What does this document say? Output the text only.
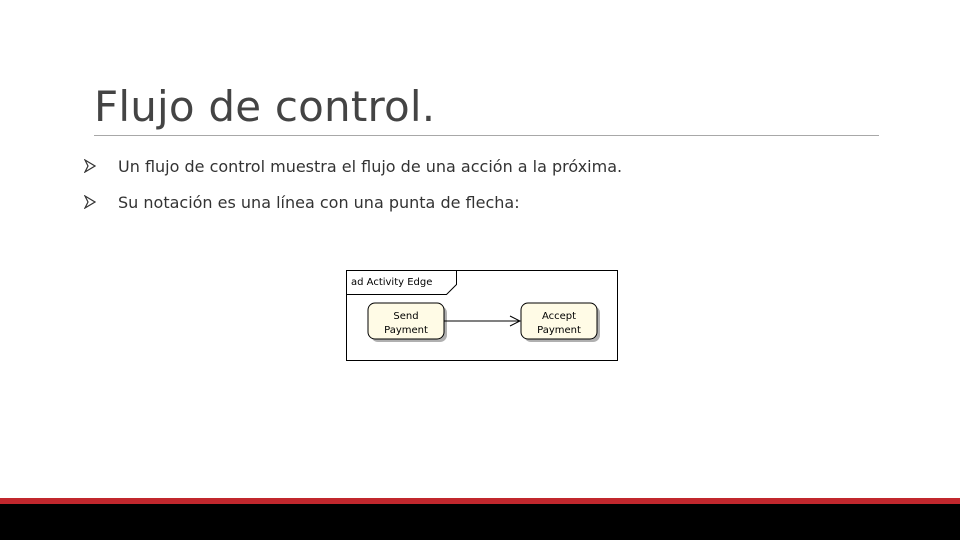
Flujo de control.
Un flujo de control muestra el flujo de una acción a la próxima.
Su notación es una línea con una punta de flecha:
ad Activity Edge
Send
Payment
Accept
Payment
